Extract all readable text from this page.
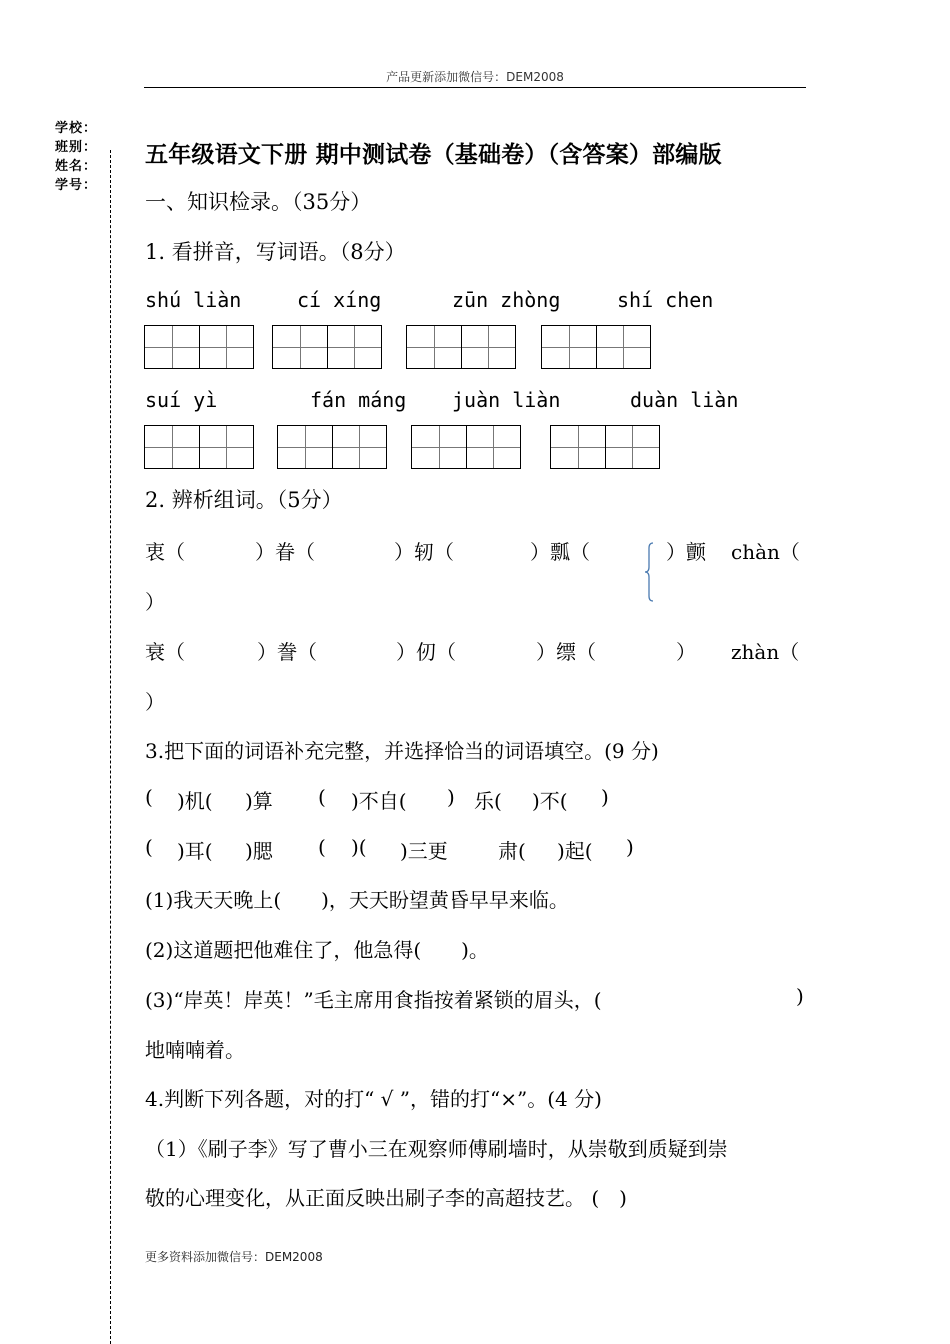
产品更新添加微信号：DEM2008
学校：
班别：
姓名：
学号：
五年级语文下册 期中测试卷（基础卷）（含答案）部编版
一、知识检录。（35分）
1. 看拼音，写词语。（8分）
shú liàn	cí xíng	zūn zhòng	shí chen
suí yì	fán máng juàn liàn	duàn liàn
2. 辨析组词。（5分）
衷（	）眷（	）轫（	）瓢（	）颤 chàn（
）
衰（	）誊（	）仞（	）缥（	） zhàn（
）
3.把下面的词语补充完整，并选择恰当的词语填空。(9 分)
( )机( )算 ( )不自( ) 乐( )不( )
( )耳( )腮 ( )( )三更	肃( )起( )
(1)我天天晚上(　　)，天天盼望黄昏早早来临。
(2)这道题把他难住了，他急得(　　)。
(3)“岸英！岸英！”毛主席用食指按着紧锁的眉头，(	)
地喃喃着。
4.判断下列各题，对的打“ √ ”，错的打“×”。(4 分)
（1）《刷子李》写了曹小三在观察师傅刷墙时，从崇敬到质疑到崇
敬的心理变化，从正面反映出刷子李的高超技艺。 (　)
更多资料添加微信号：DEM2008
